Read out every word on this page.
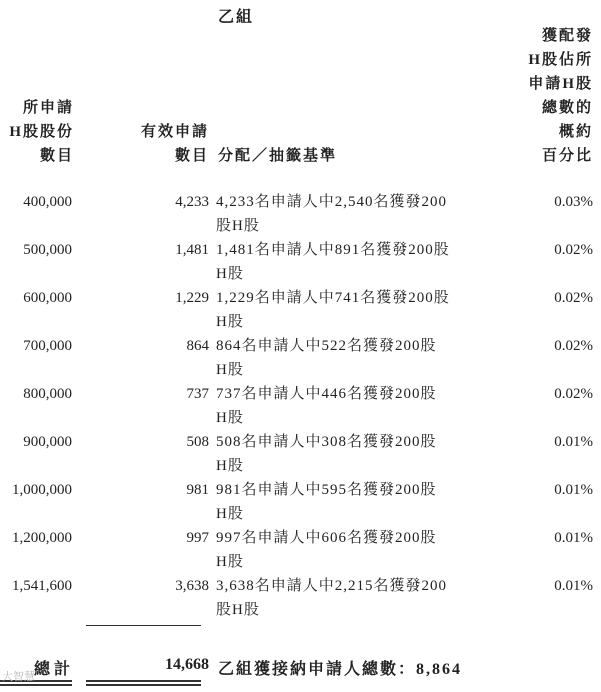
乙組
所申請
H股股份
數目
有效申請
數目 分配／抽籤基準
獲配發
H股佔所
申請H股
總數的
概約
百分比
400,000	4,233 4,233名申請人中2,540名獲發200
股H股
0.03%
500,000	1,481 1,481名申請人中891名獲發200股
H股
0.02%
600,000	1,229 1,229名申請人中741名獲發200股
H股
0.02%
700,000	864 864名申請人中522名獲發200股
H股
0.02%
800,000	737 737名申請人中446名獲發200股
H股
0.02%
900,000	508 508名申請人中308名獲發200股
H股
0.01%
1,000,000	981 981名申請人中595名獲發200股
H股
0.01%
1,200,000	997 997名申請人中606名獲發200股
H股
0.01%
1,541,600	3,638 3,638名申請人中2,215名獲發200
股H股
0.01%
總計	14,668 乙組獲接納申請人總數：8,864
大智慧
